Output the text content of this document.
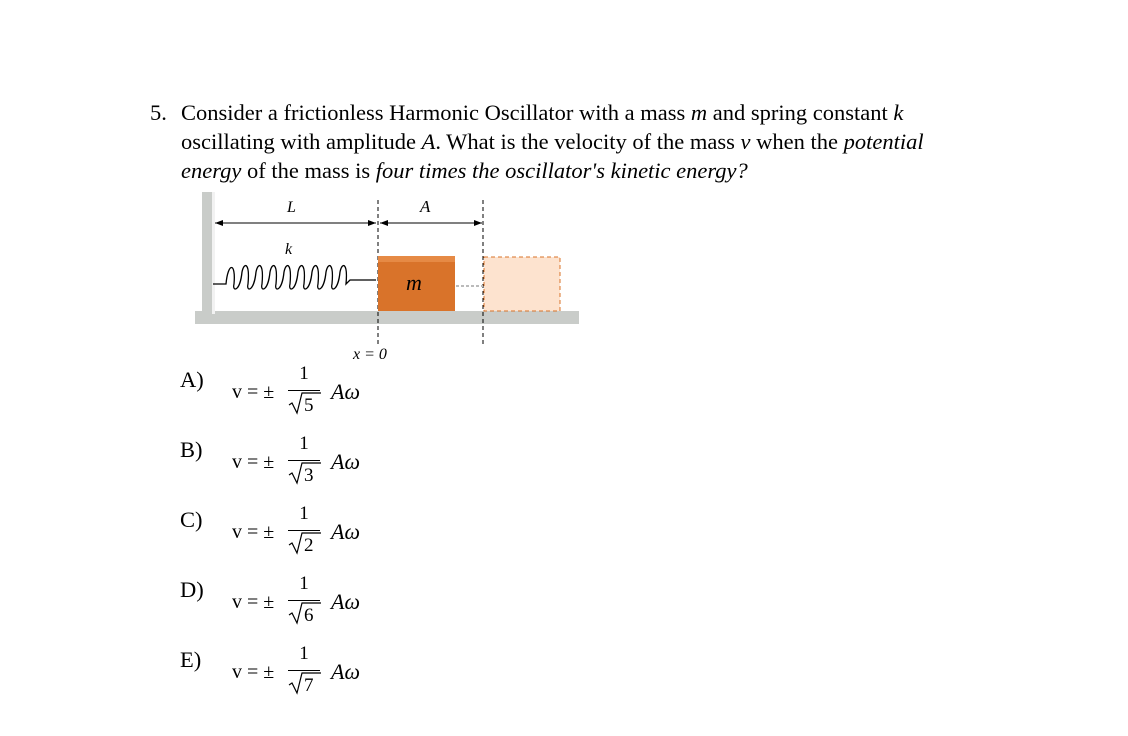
5. Consider a frictionless Harmonic Oscillator with a mass m and spring constant k
oscillating with amplitude A. What is the velocity of the mass v when the potential
energy of the mass is four times the oscillator's kinetic energy?
L	A
k
m
x = 0
A) v = ±
1
5
Aω
B) v = ±
1
3
Aω
C) v = ±
1
2
Aω
D) v = ±
1
6
Aω
E) v = ±
1
7
Aω
